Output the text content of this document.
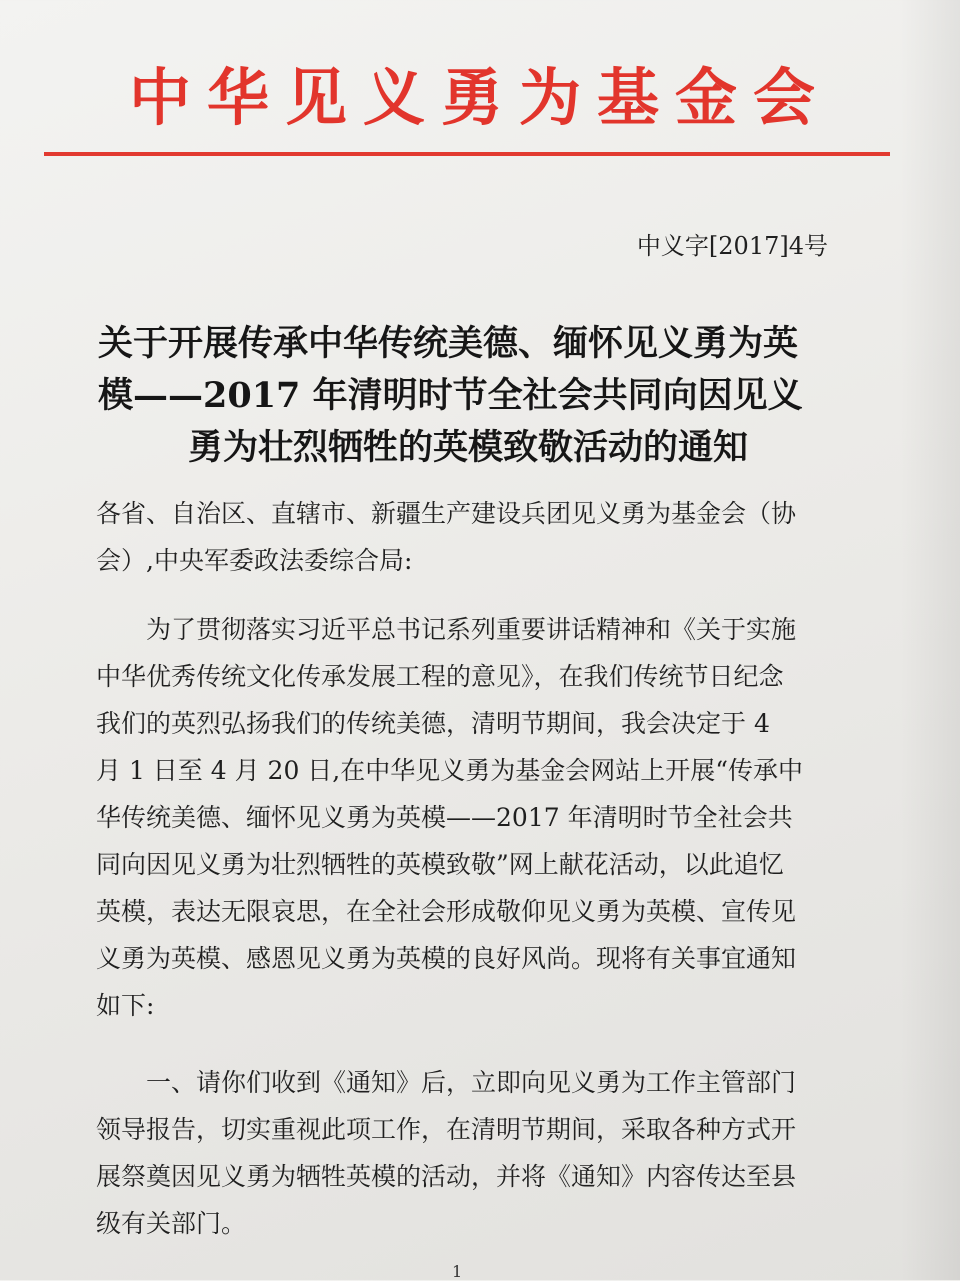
中华见义勇为基金会
中义字[2017]4号
关于开展传承中华传统美德、缅怀见义勇为英
模——2017 年清明时节全社会共同向因见义
勇为壮烈牺牲的英模致敬活动的通知
各省、自治区、直辖市、新疆生产建设兵团见义勇为基金会（协
会）,中央军委政法委综合局:
为了贯彻落实习近平总书记系列重要讲话精神和《关于实施
中华优秀传统文化传承发展工程的意见》，在我们传统节日纪念
我们的英烈弘扬我们的传统美德，清明节期间，我会决定于 4
月 1 日至 4 月 20 日,在中华见义勇为基金会网站上开展“传承中
华传统美德、缅怀见义勇为英模——2017 年清明时节全社会共
同向因见义勇为壮烈牺牲的英模致敬”网上献花活动，以此追忆
英模，表达无限哀思，在全社会形成敬仰见义勇为英模、宣传见
义勇为英模、感恩见义勇为英模的良好风尚。现将有关事宜通知
如下:
一、请你们收到《通知》后，立即向见义勇为工作主管部门
领导报告，切实重视此项工作，在清明节期间，采取各种方式开
展祭奠因见义勇为牺牲英模的活动，并将《通知》内容传达至县
级有关部门。
1
